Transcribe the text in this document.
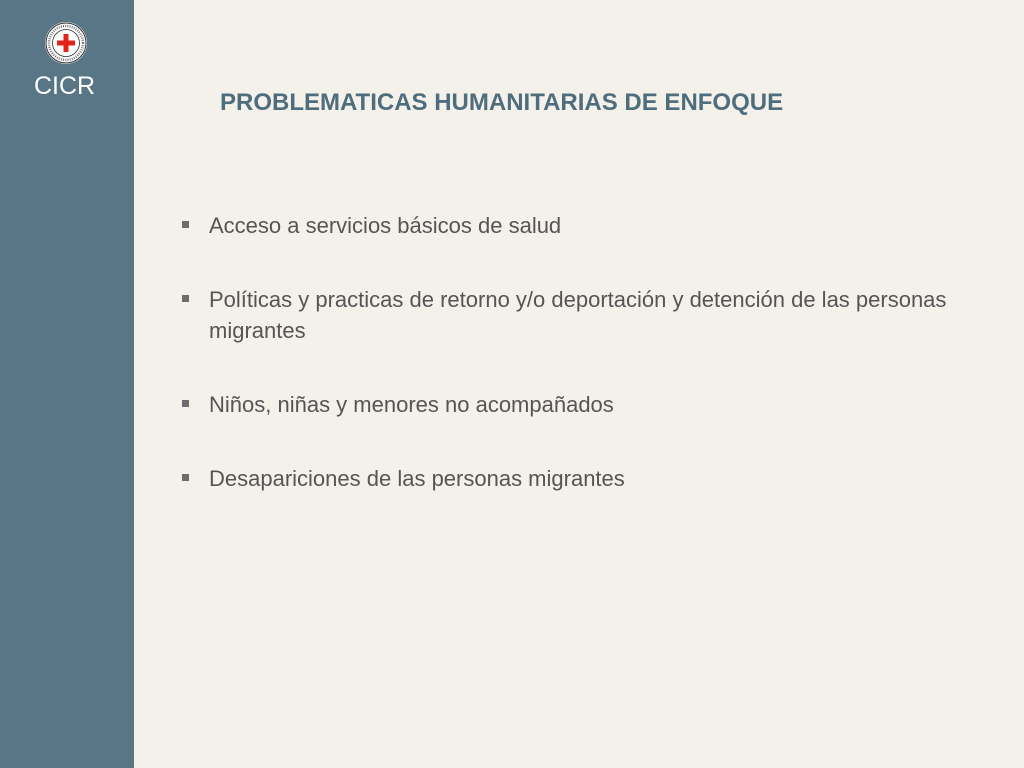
CICR
PROBLEMATICAS HUMANITARIAS DE ENFOQUE
Acceso a servicios básicos de salud
Políticas y practicas de retorno y/o deportación y detención de las personas migrantes
Niños, niñas y menores no acompañados
Desapariciones de las personas migrantes
